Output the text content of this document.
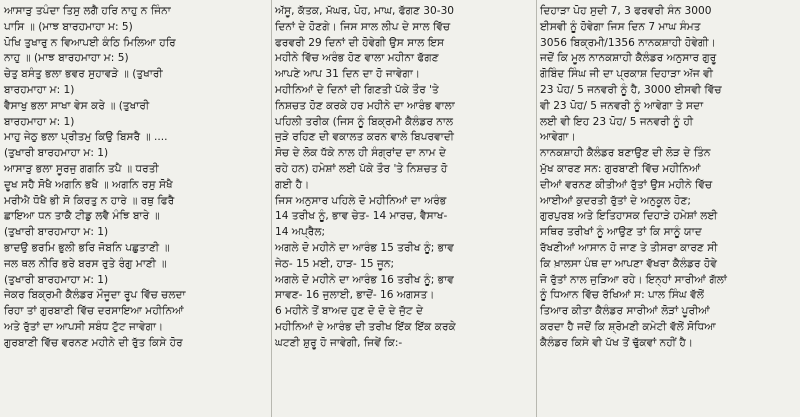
ਆਸਾੜੁ ਤਪੰਦਾ ਤਿਸੁ ਲਗੈ ਹਰਿ ਨਾਹੁ ਨ ਜਿੰਨਾ
ਪਾਸਿ ॥ (ਮਾਝ ਬਾਰਹਮਾਹਾ ਮ: 5)
ਪੋਖਿ ਤੁਖਾਰੁ ਨ ਵਿਆਪਈ ਕੰਠਿ ਮਿਲਿਆ ਹਰਿ
ਨਾਹੁ ॥ (ਮਾਝ ਬਾਰਹਮਾਹਾ ਮ: 5)
ਚੇਤੁ ਬਸੰਤੁ ਭਲਾ ਭਵਰ ਸੁਹਾਵੜੇ ॥ (ਤੁਖਾਰੀ
ਬਾਰਹਮਾਹਾ ਮ: 1)
ਵੈਸਾਖੁ ਭਲਾ ਸਾਖਾ ਵੇਸ ਕਰੇ ॥ (ਤੁਖਾਰੀ
ਬਾਰਹਮਾਹਾ ਮ: 1)
ਮਾਹੁ ਜੇਠੁ ਭਲਾ ਪ੍ਰੀਤਮੁ ਕਿਉ ਬਿਸਰੈ ॥ ....
(ਤੁਖਾਰੀ ਬਾਰਹਮਾਹਾ ਮ: 1)
ਆਸਾੜੁ ਭਲਾ ਸੂਰਜੁ ਗਗਨਿ ਤਪੈ ॥ ਧਰਤੀ
ਦੂਖ ਸਹੈ ਸੋਖੈ ਅਗਨਿ ਭਖੈ ॥ ਅਗਨਿ ਰਸੁ ਸੋਖੈ
ਮਰੀਐ ਧੋਖੈ ਭੀ ਸੋ ਕਿਰਤੁ ਨ ਹਾਰੇ ॥ ਰਥੁ ਫਿਰੈ
ਛਾਇਆ ਧਨ ਤਾਕੈ ਟੀਡੁ ਲਵੈ ਮੰਝਿ ਬਾਰੇ ॥
(ਤੁਖਾਰੀ ਬਾਰਹਮਾਹਾ ਮ: 1)
ਭਾਦਉ ਭਰਮਿ ਭੁਲੀ ਭਰਿ ਜੋਬਨਿ ਪਛੁਤਾਣੀ ॥
ਜਲ ਥਲ ਨੀਰਿ ਭਰੇ ਬਰਸ ਰੁਤੇ ਰੰਗੁ ਮਾਣੀ ॥
(ਤੁਖਾਰੀ ਬਾਰਹਮਾਹਾ ਮ: 1)
ਜੇਕਰ ਬਿਕ੍ਰਮੀ ਕੈਲੰਡਰ ਮੌਜੂਦਾ ਰੂਪ ਵਿੱਚ ਚਲਦਾ
ਰਿਹਾ ਤਾਂ ਗੁਰਬਾਣੀ ਵਿੱਚ ਦਰਸਾਇਆ ਮਹੀਨਿਆਂ
ਅਤੇ ਰੁੱਤਾਂ ਦਾ ਆਪਸੀ ਸਬੰਧ ਟੁੱਟ ਜਾਵੇਗਾ।
ਗੁਰਬਾਣੀ ਵਿੱਚ ਵਰਨਣ ਮਹੀਨੇ ਦੀ ਰੁੱਤ ਕਿਸੇ ਹੋਰ
ਅੱਸੂ, ਕੱਤਕ, ਮੱਘਰ, ਪੋਹ, ਮਾਘ, ਫੱਗਣ 30-30
ਦਿਨਾਂ ਦੇ ਹੋਣਗੇ। ਜਿਸ ਸਾਲ ਲੀਪ ਦੇ ਸਾਲ ਵਿੱਚ
ਫਰਵਰੀ 29 ਦਿਨਾਂ ਦੀ ਹੋਵੇਗੀ ਉਸ ਸਾਲ ਇਸ
ਮਹੀਨੇ ਵਿੱਚ ਅਰੰਭ ਹੋਣ ਵਾਲਾ ਮਹੀਨਾ ਫੱਗਣ
ਆਪਣੇ ਆਪ 31 ਦਿਨ ਦਾ ਹੋ ਜਾਵੇਗਾ।
ਮਹੀਨਿਆਂ ਦੇ ਦਿਨਾਂ ਦੀ ਗਿਣਤੀ ਪੱਕੇ ਤੌਰ 'ਤੇ
ਨਿਸ਼ਚਤ ਹੋਣ ਕਰਕੇ ਹਰ ਮਹੀਨੇ ਦਾ ਆਰੰਭ ਵਾਲਾ
ਪਹਿਲੀ ਤਰੀਕ (ਜਿਸ ਨੂੰ ਬਿਕ੍ਰਮੀ ਕੈਲੰਡਰ ਨਾਲ
ਜੁੜੇ ਰਹਿਣ ਦੀ ਵਕਾਲਤ ਕਰਨ ਵਾਲੇ ਬਿਪਰਵਾਦੀ
ਸੋਚ ਦੇ ਲੋਕ ਧੱਕੇ ਨਾਲ ਹੀ ਸੰਗ੍ਰਾਂਦ ਦਾ ਨਾਮ ਦੇ
ਰਹੇ ਹਨ) ਹਮੇਸ਼ਾਂ ਲਈ ਪੱਕੇ ਤੌਰ 'ਤੇ ਨਿਸ਼ਚਤ ਹੋ
ਗਈ ਹੈ।
ਜਿਸ ਅਨੁਸਾਰ ਪਹਿਲੇ ਦੋ ਮਹੀਨਿਆਂ ਦਾ ਅਰੰਭ
14 ਤਰੀਖ ਨੂੰ, ਭਾਵ ਚੇਤ- 14 ਮਾਰਚ, ਵੈਸਾਖ-
14 ਅਪ੍ਰੈਲ;
ਅਗਲੇ ਦੋ ਮਹੀਨੇ ਦਾ ਆਰੰਭ 15 ਤਰੀਖ ਨੂੰ; ਭਾਵ
ਜੇਠ- 15 ਮਈ, ਹਾੜ- 15 ਜੂਨ;
ਅਗਲੇ ਦੋ ਮਹੀਨੇ ਦਾ ਆਰੰਭ 16 ਤਰੀਖ ਨੂੰ; ਭਾਵ
ਸਾਵਣ- 16 ਜੁਲਾਈ, ਭਾਦੋਂ- 16 ਅਗਸਤ।
6 ਮਹੀਨੇ ਤੋਂ ਬਾਅਦ ਹੁਣ ਦੋ ਦੋ ਦੇ ਜੁੱਟ ਦੇ
ਮਹੀਨਿਆਂ ਦੇ ਆਰੰਭ ਦੀ ਤਰੀਖ ਇੱਕ ਇੱਕ ਕਰਕੇ
ਘਟਣੀ ਸ਼ੁਰੂ ਹੋ ਜਾਵੇਗੀ, ਜਿਵੇਂ ਕਿ:-
ਦਿਹਾੜਾ ਪੋਹ ਸੁਦੀ 7, 3 ਫਰਵਰੀ ਸੰਨ 3000
ਈਸਵੀ ਨੂੰ ਹੋਵੇਗਾ ਜਿਸ ਦਿਨ 7 ਮਾਘ ਸੰਮਤ
3056 ਬਿਕ੍ਰਮੀ/1356 ਨਾਨਕਸ਼ਾਹੀ ਹੋਵੇਗੀ।
ਜਦੋਂ ਕਿ ਮੂਲ ਨਾਨਕਸ਼ਾਹੀ ਕੈਲੰਡਰ ਅਨੁਸਾਰ ਗੁਰੂ
ਗੋਬਿੰਦ ਸਿੰਘ ਜੀ ਦਾ ਪ੍ਰਕਾਸ਼ ਦਿਹਾੜਾ ਅੱਜ ਵੀ
23 ਪੋਹ/ 5 ਜਨਵਰੀ ਨੂੰ ਹੈ, 3000 ਈਸਵੀ ਵਿੱਚ
ਵੀ 23 ਪੋਹ/ 5 ਜਨਵਰੀ ਨੂੰ ਆਵੇਗਾ ਤੇ ਸਦਾ
ਲਈ ਵੀ ਇਹ 23 ਪੋਹ/ 5 ਜਨਵਰੀ ਨੂੰ ਹੀ
ਆਵੇਗਾ।
ਨਾਨਕਸ਼ਾਹੀ ਕੈਲੰਡਰ ਬਣਾਉਣ ਦੀ ਲੋੜ ਦੇ ਤਿੰਨ
ਮੁੱਖ ਕਾਰਣ ਸਨ: ਗੁਰਬਾਣੀ ਵਿੱਚ ਮਹੀਨਿਆਂ
ਦੀਆਂ ਵਰਨਣ ਕੀਤੀਆਂ ਰੁੱਤਾਂ ਉਸ ਮਹੀਨੇ ਵਿੱਚ
ਆਈਆਂ ਕੁਦਰਤੀ ਰੁੱਤਾਂ ਦੇ ਅਨੁਕੂਲ ਹੋਣ;
ਗੁਰਪੁਰਬ ਅਤੇ ਇਤਿਹਾਸਕ ਦਿਹਾੜੇ ਹਮੇਸ਼ਾਂ ਲਈ
ਸਥਿਰ ਤਰੀਖਾਂ ਨੂੰ ਆਉਣ ਤਾਂ ਕਿ ਸਾਨੂੰ ਯਾਦ
ਰੱਖਣੀਆਂ ਆਸਾਨ ਹੋ ਜਾਣ ਤੇ ਤੀਸਰਾ ਕਾਰਣ ਸੀ
ਕਿ ਖ਼ਾਲਸਾ ਪੰਥ ਦਾ ਆਪਣਾ ਵੱਖਰਾ ਕੈਲੰਡਰ ਹੋਵੇ
ਜੋ ਰੁੱਤਾਂ ਨਾਲ ਜੁੜਿਆ ਰਹੇ। ਇਨ੍ਹਾਂ ਸਾਰੀਆਂ ਗੱਲਾਂ
ਨੂੰ ਧਿਆਨ ਵਿੱਚ ਰੱਖਿਆਂ ਸ: ਪਾਲ ਸਿੰਘ ਵੱਲੋਂ
ਤਿਆਰ ਕੀਤਾ ਕੈਲੰਡਰ ਸਾਰੀਆਂ ਲੋੜਾਂ ਪੂਰੀਆਂ
ਕਰਦਾ ਹੈ ਜਦੋਂ ਕਿ ਸ਼੍ਰੋਮਣੀ ਕਮੇਟੀ ਵੱਲੋਂ ਸੋਧਿਆ
ਕੈਲੰਡਰ ਕਿਸੇ ਵੀ ਪੱਖ ਤੋਂ ਢੁੱਕਵਾਂ ਨਹੀਂ ਹੈ।
